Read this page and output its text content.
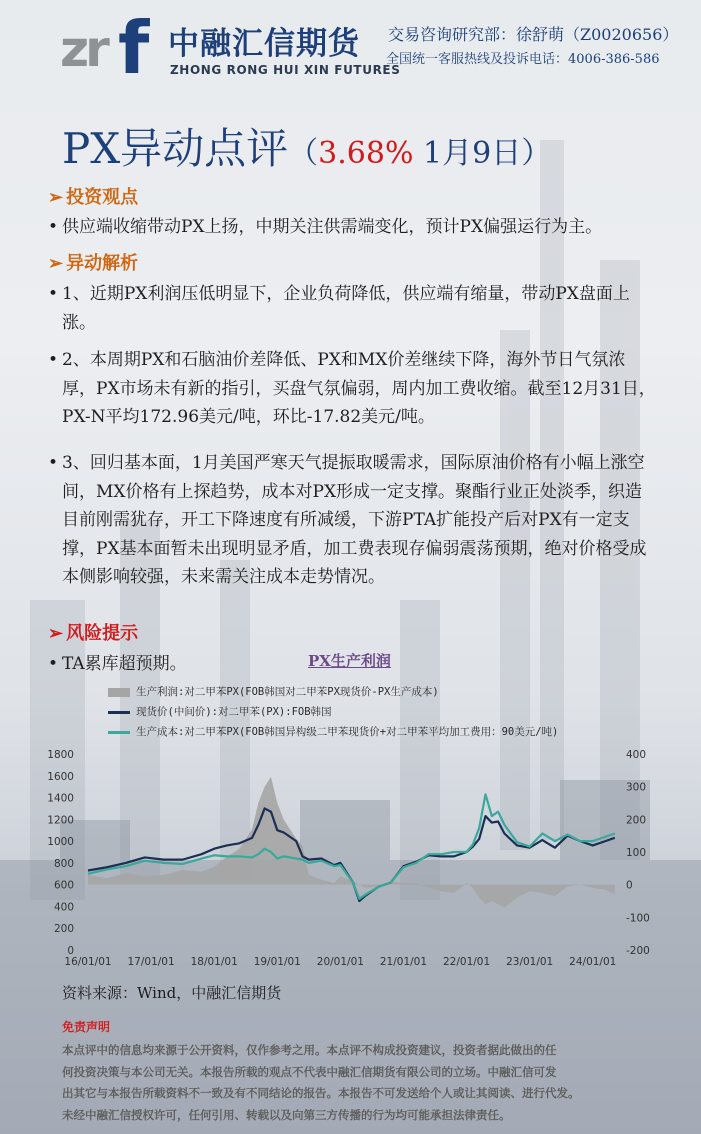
zr f 中融汇信期货
ZHONG RONG HUI XIN FUTURES
交易咨询研究部：徐舒萌（Z0020656）
全国统一客服热线及投诉电话：4006-386-586
PX异动点评（3.68% 1月9日）
➢ 投资观点
• 供应端收缩带动PX上扬，中期关注供需端变化，预计PX偏强运行为主。
➢ 异动解析
• 1、近期PX利润压低明显下，企业负荷降低，供应端有缩量，带动PX盘面上涨。
• 2、本周期PX和石脑油价差降低、PX和MX价差继续下降，海外节日气氛浓厚，PX市场未有新的指引，买盘气氛偏弱，周内加工费收缩。截至12月31日，PX-N平均172.96美元/吨，环比-17.82美元/吨。
• 3、回归基本面，1月美国严寒天气提振取暖需求，国际原油价格有小幅上涨空间，MX价格有上探趋势，成本对PX形成一定支撑。聚酯行业正处淡季，织造目前刚需犹存，开工下降速度有所减缓，下游PTA扩能投产后对PX有一定支撑，PX基本面暂未出现明显矛盾，加工费表现存偏弱震荡预期，绝对价格受成本侧影响较强，未来需关注成本走势情况。
➢ 风险提示
• TA累库超预期。	PX生产利润
生产利润:对二甲苯PX(FOB韩国对二甲苯PX现货价-PX生产成本)
现货价(中间价):对二甲苯(PX):FOB韩国
生产成本:对二甲苯PX(FOB韩国异构级二甲苯现货价+对二甲苯平均加工费用：90美元/吨)
0
200
400
600
800
1000
1200
1400
1600
1800	400
300
200
100
0
-100
-200
16/01/01 17/01/01 18/01/01 19/01/01 20/01/01 21/01/01 22/01/01 23/01/01 24/01/01
资料来源：Wind，中融汇信期货
免责声明
本点评中的信息均来源于公开资料，仅作参考之用。本点评不构成投资建议，投资者据此做出的任
何投资决策与本公司无关。本报告所载的观点不代表中融汇信期货有限公司的立场。中融汇信可发
出其它与本报告所载资料不一致及有不同结论的报告。本报告不可发送给个人或让其阅读、进行代发。
未经中融汇信授权许可，任何引用、转载以及向第三方传播的行为均可能承担法律责任。
